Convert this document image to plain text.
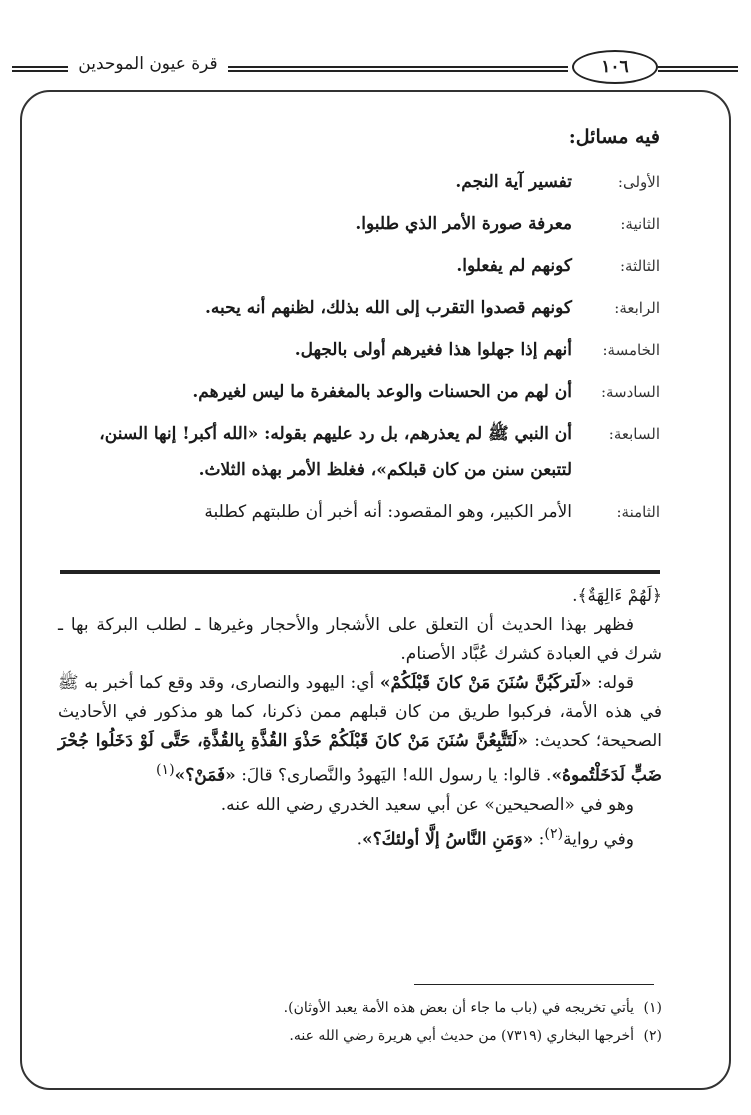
قرة عيون الموحدين	١٠٦
فيه مسائل:
الأولى:
تفسير آية النجم.
الثانية:
معرفة صورة الأمر الذي طلبوا.
الثالثة:
كونهم لم يفعلوا.
الرابعة:
كونهم قصدوا التقرب إلى الله بذلك، لظنهم أنه يحبه.
الخامسة:
أنهم إذا جهلوا هذا فغيرهم أولى بالجهل.
السادسة:
أن لهم من الحسنات والوعد بالمغفرة ما ليس لغيرهم.
السابعة:
أن النبي ﷺ لم يعذرهم، بل رد عليهم بقوله: «الله أكبر! إنها السنن، لتتبعن سنن من كان قبلكم»، فغلظ الأمر بهذه الثلاث.
الثامنة:
الأمر الكبير، وهو المقصود: أنه أخبر أن طلبتهم كطلبة

﴿لَهُمْ ءَالِهَةٌ﴾.

فظهر بهذا الحديث أن التعلق على الأشجار والأحجار وغيرها ـ لطلب البركة بها ـ شرك في العبادة كشرك عُبَّاد الأصنام.

قوله: «لَتركَبُنَّ سُنَنَ مَنْ كانَ قَبْلَكُمْ» أي: اليهود والنصارى، وقد وقع كما أخبر به ﷺ في هذه الأمة، فركبوا طريق من كان قبلهم ممن ذكرنا، كما هو مذكور في الأحاديث الصحيحة؛ كحديث: «لَتَتَّبِعُنَّ سُنَنَ مَنْ كانَ قَبْلَكُمْ حَذْوَ القُذَّةِ بِالقُذَّةِ، حَتَّى لَوْ دَخَلُوا جُحْرَ ضَبٍّ لَدَخَلْتُموهُ». قالوا: يا رسول الله! اليَهودُ والنَّصارى؟ قالَ: «فَمَنْ؟»$^{(١)}$

وهو في «الصحيحين» عن أبي سعيد الخدري رضي الله عنه.

وفي رواية$^{(٢)}$: «وَمَنِ النَّاسُ إلَّا أولئكَ؟».

(١)
يأتي تخريجه في (باب ما جاء أن بعض هذه الأمة يعبد الأوثان).
(٢)
أخرجها البخاري (٧٣١٩) من حديث أبي هريرة رضي الله عنه.
